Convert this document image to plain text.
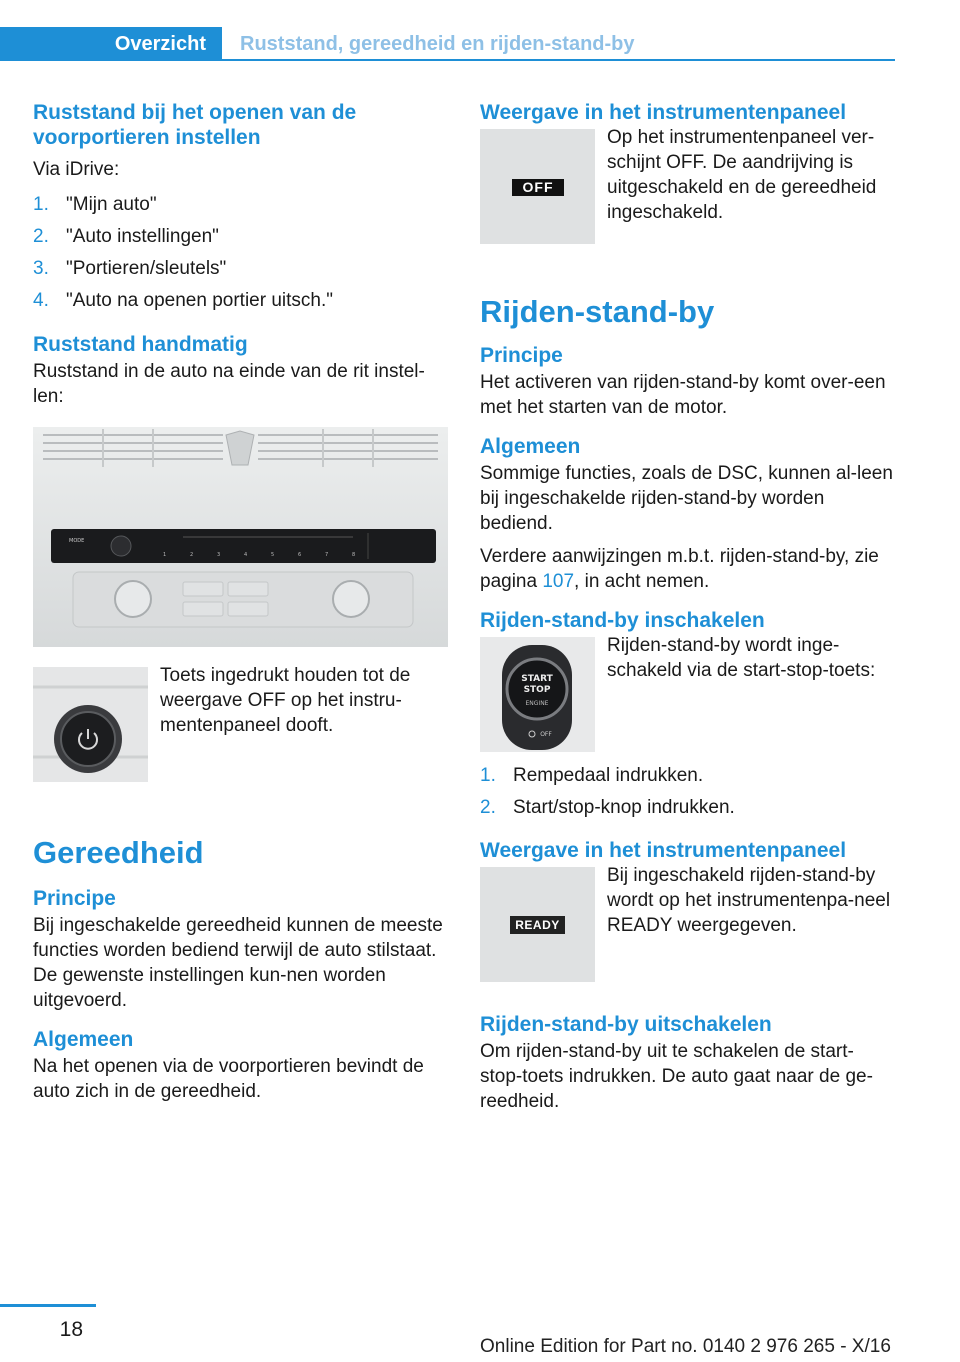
Overzicht Ruststand, gereedheid en rijden-stand-by
Ruststand bij het openen van de voorportieren instellen

Via iDrive:

1. "Mijn auto"
2. "Auto instellingen"
3. "Portieren/sleutels"
4. "Auto na openen portier uitsch."
Ruststand handmatig

Ruststand in de auto na einde van de rit instel-len:

MODE
1	2	3	4	5	6	7	8

Toets ingedrukt houden tot de weergave OFF op het instru-mentenpaneel dooft.

Gereedheid
Principe

Bij ingeschakelde gereedheid kunnen de meeste functies worden bediend terwijl de auto stilstaat. De gewenste instellingen kun-nen worden uitgevoerd.

Algemeen

Na het openen via de voorportieren bevindt de auto zich in de gereedheid.

Weergave in het instrumentenpaneel
OFF

Op het instrumentenpaneel ver-schijnt OFF. De aandrijving is uitgeschakeld en de gereedheid ingeschakeld.

Rijden-stand-by
Principe

Het activeren van rijden-stand-by komt over-een met het starten van de motor.

Algemeen

Sommige functies, zoals de DSC, kunnen al-leen bij ingeschakelde rijden-stand-by worden bediend.

Verdere aanwijzingen m.b.t. rijden-stand-by, zie pagina 107, in acht nemen.

Rijden-stand-by inschakelen
START
STOP
ENGINE
OFF

Rijden-stand-by wordt inge-schakeld via de start-stop-toets:

1. Rempedaal indrukken.
2. Start/stop-knop indrukken.
Weergave in het instrumentenpaneel
READY

Bij ingeschakeld rijden-stand-by wordt op het instrumentenpa-neel READY weergegeven.

Rijden-stand-by uitschakelen

Om rijden-stand-by uit te schakelen de start-stop-toets indrukken. De auto gaat naar de ge-reedheid.

18
Online Edition for Part no. 0140 2 976 265 - X/16
